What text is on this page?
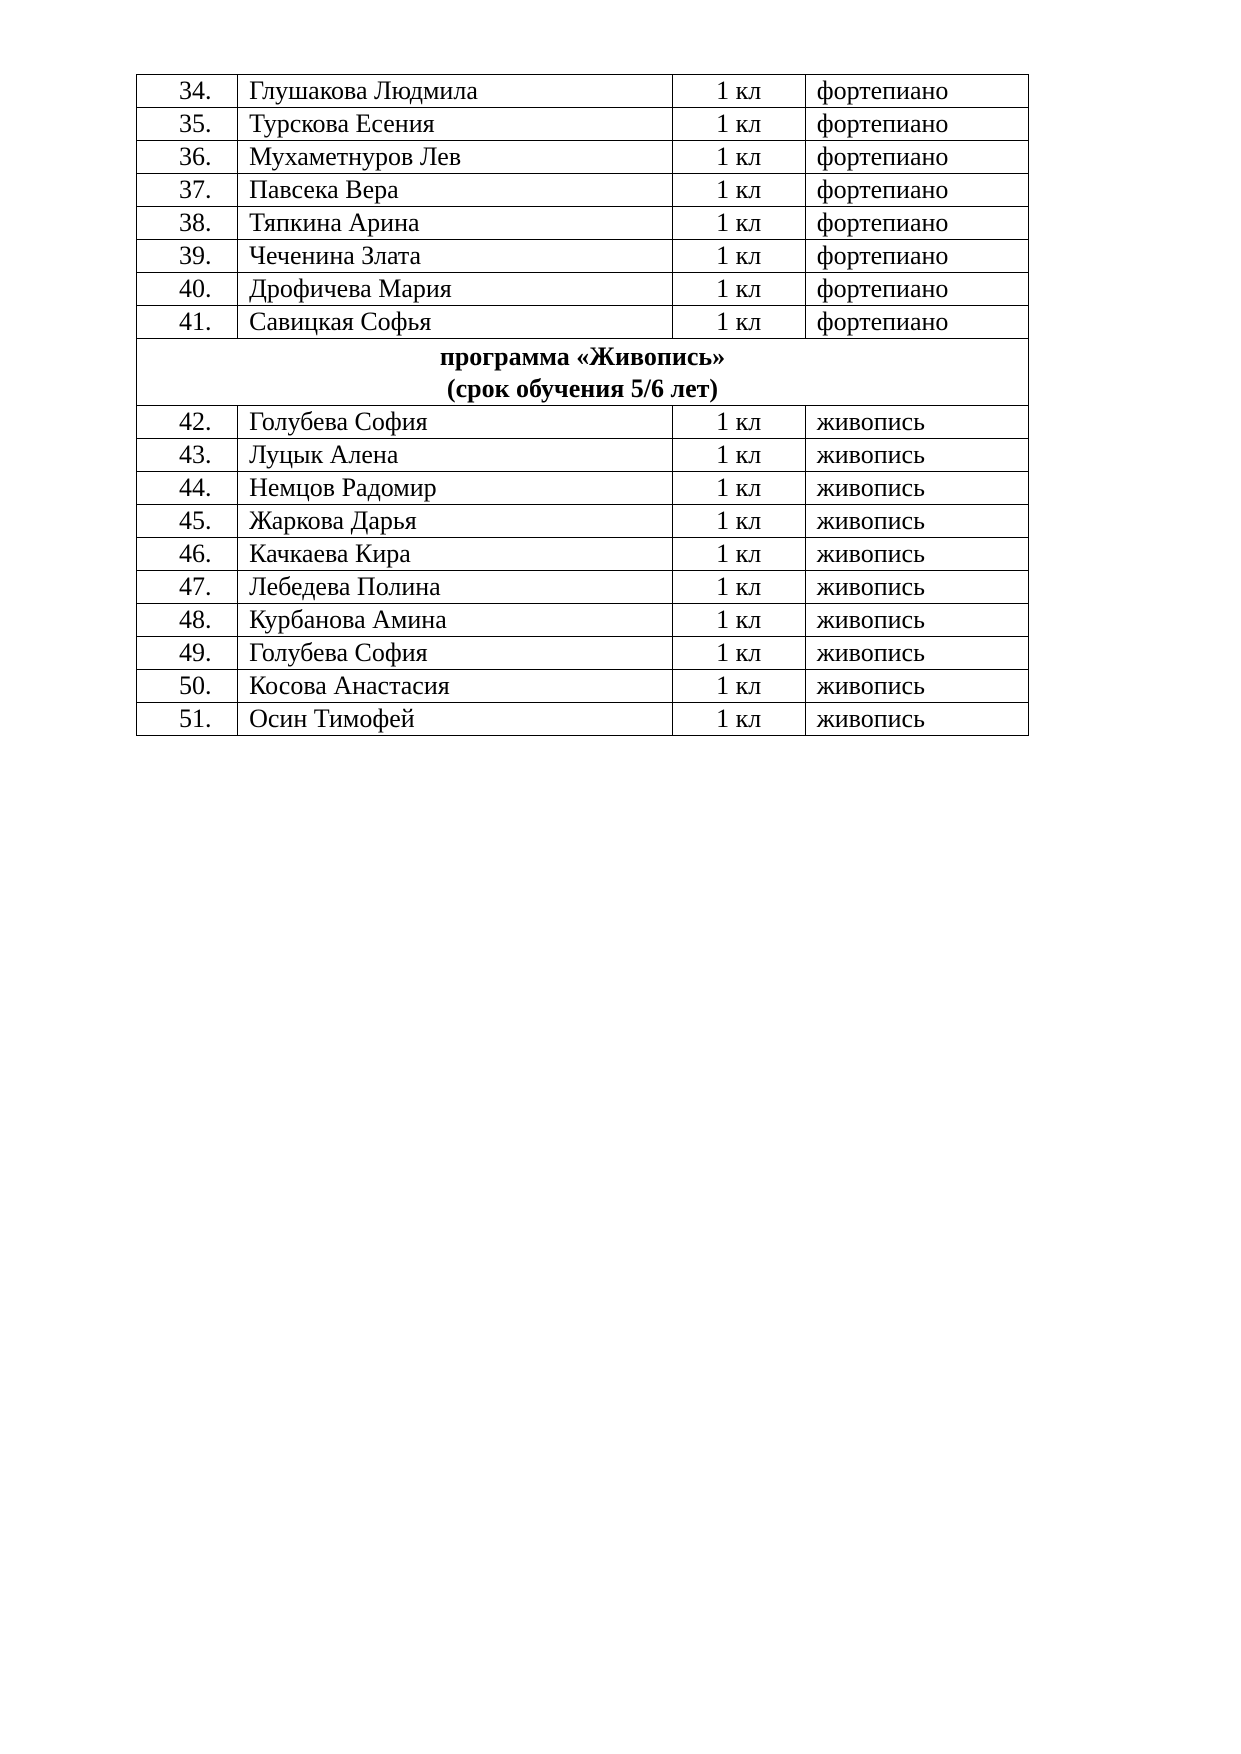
34.	Глушакова Людмила	1 кл	фортепиано
35.	Турскова Есения	1 кл	фортепиано
36.	Мухаметнуров Лев	1 кл	фортепиано
37.	Павсека Вера	1 кл	фортепиано
38.	Тяпкина Арина	1 кл	фортепиано
39.	Чеченина Злата	1 кл	фортепиано
40.	Дрофичева Мария	1 кл	фортепиано
41.	Савицкая Софья	1 кл	фортепиано

программа «Живопись»
(срок обучения 5/6 лет)			

42.	Голубева София	1 кл	живопись
43.	Луцык Алена	1 кл	живопись
44.	Немцов Радомир	1 кл	живопись
45.	Жаркова Дарья	1 кл	живопись
46.	Качкаева Кира	1 кл	живопись
47.	Лебедева Полина	1 кл	живопись
48.	Курбанова Амина	1 кл	живопись
49.	Голубева София	1 кл	живопись
50.	Косова Анастасия	1 кл	живопись
51.	Осин Тимофей	1 кл	живопись
